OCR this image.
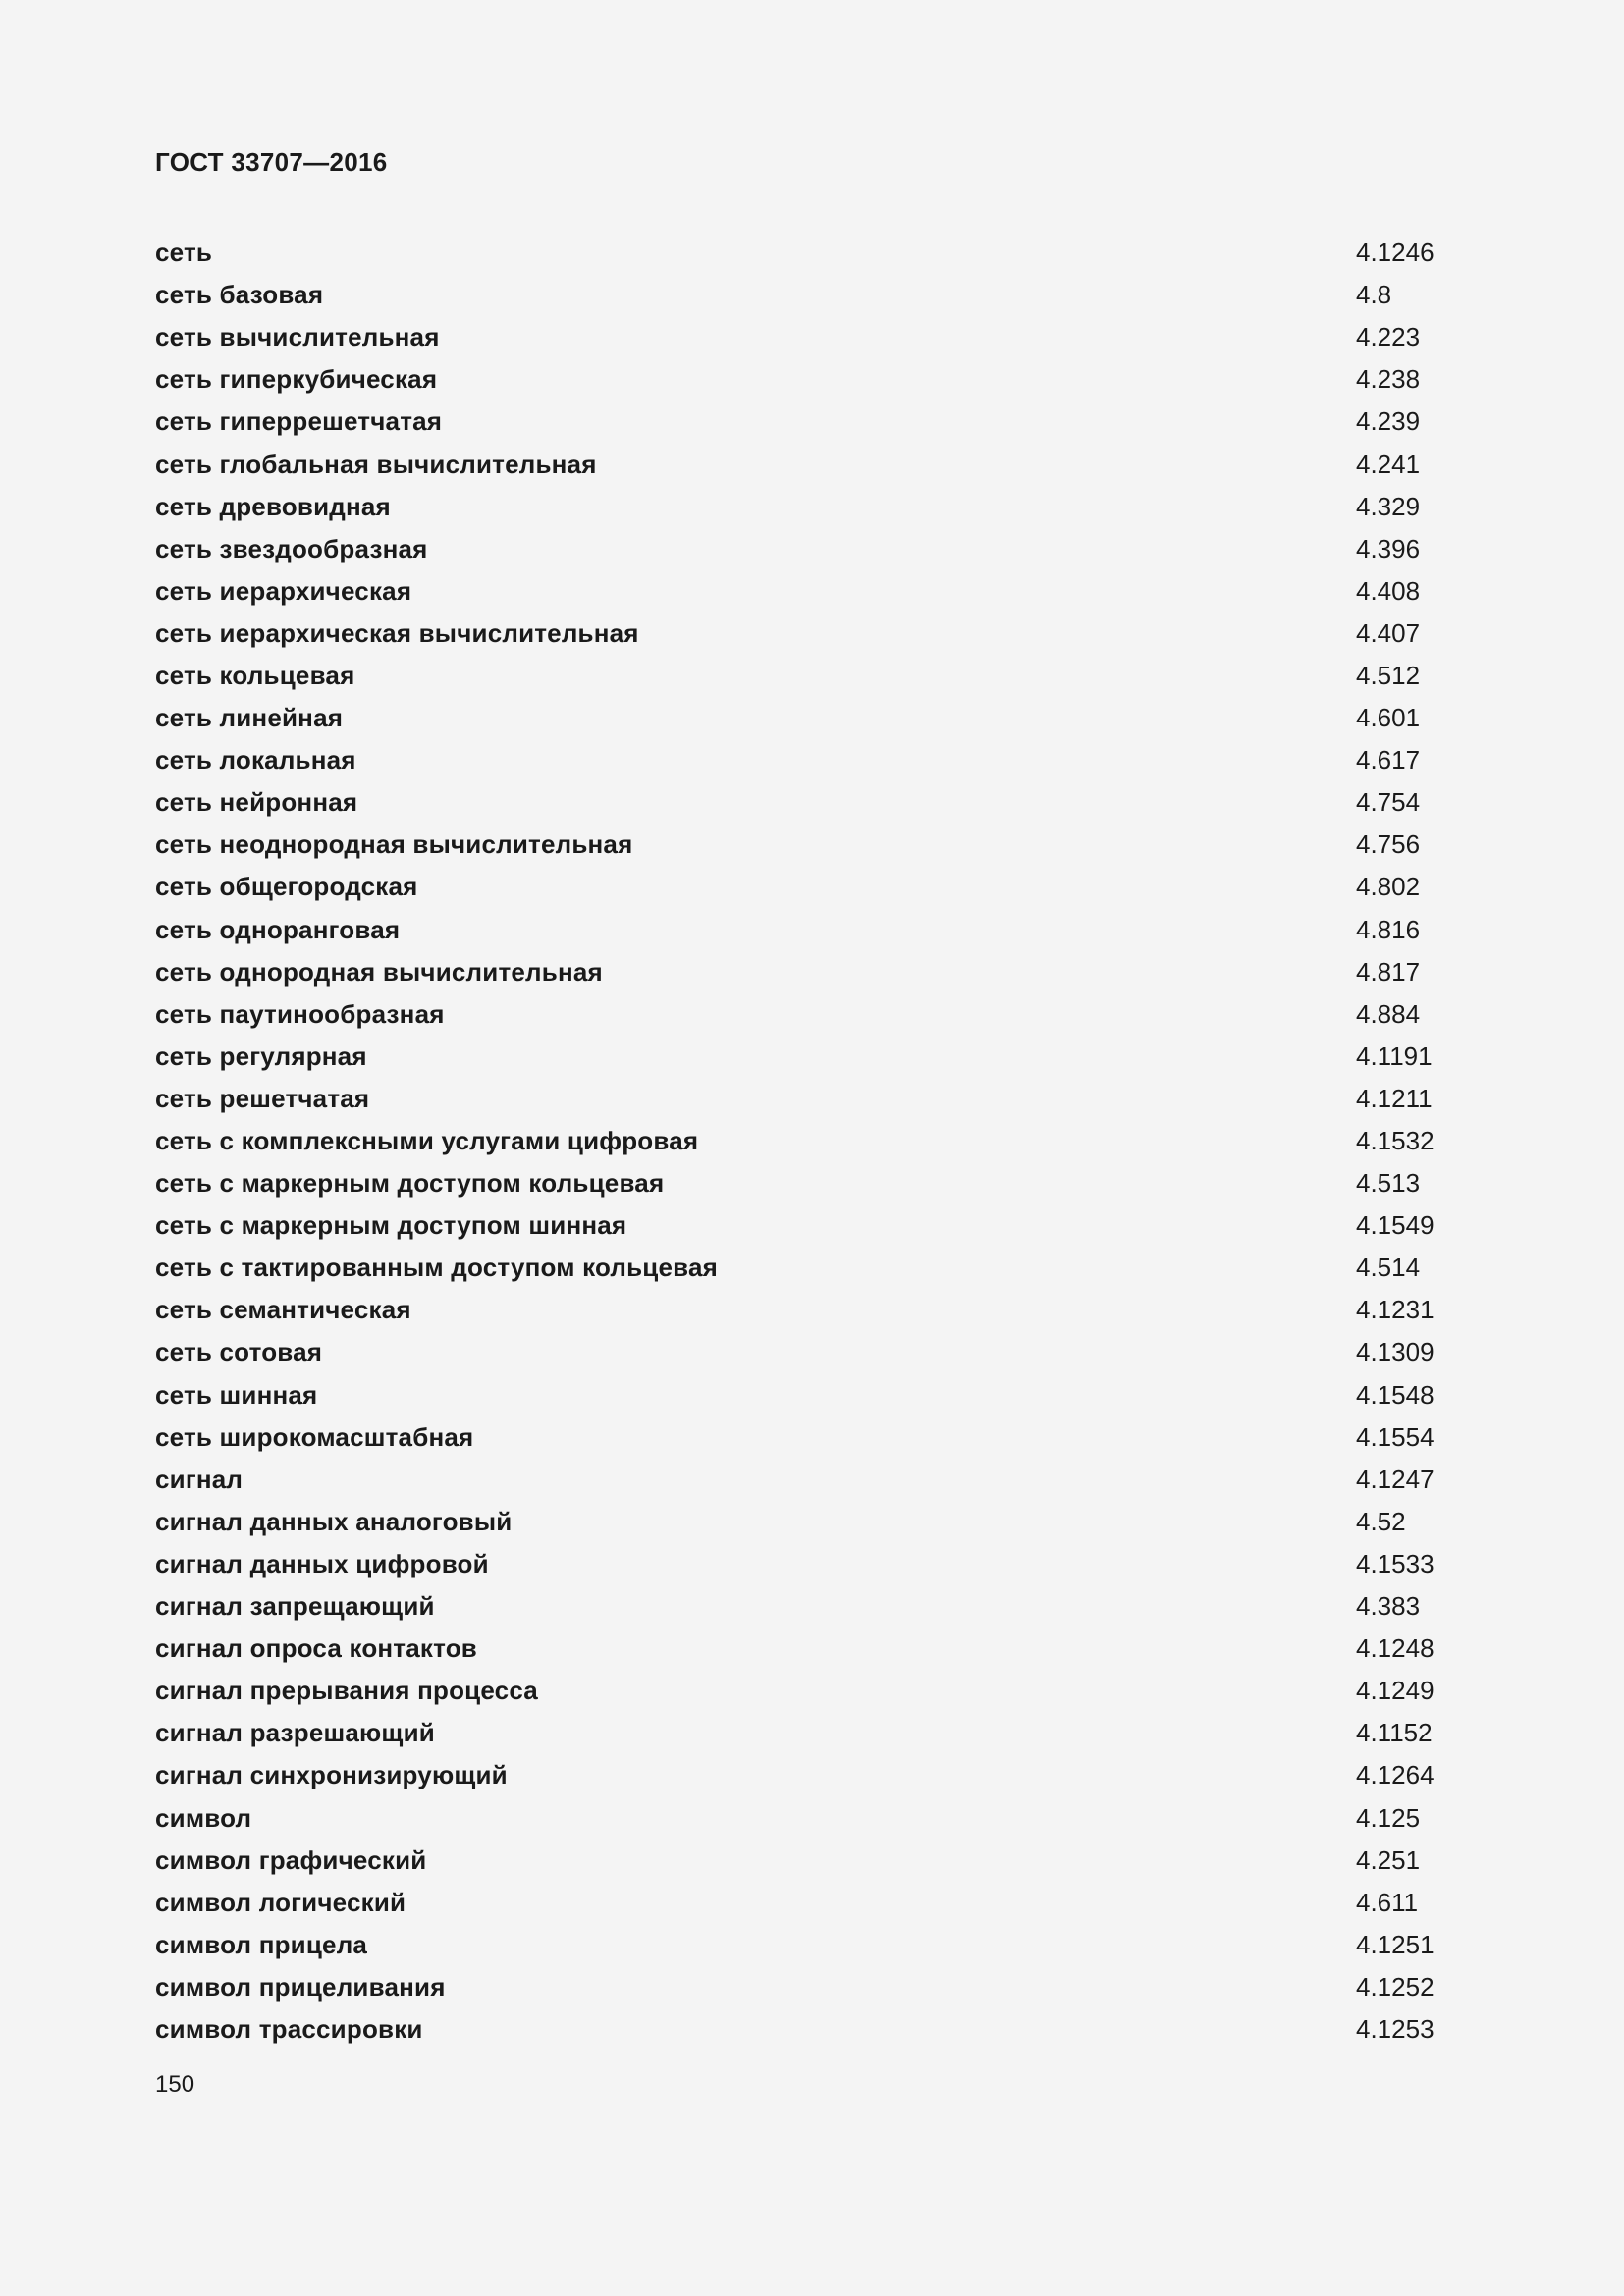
ГОСТ 33707—2016
сеть	4.1246
сеть базовая	4.8
сеть вычислительная	4.223
сеть гиперкубическая	4.238
сеть гиперрешетчатая	4.239
сеть глобальная вычислительная	4.241
сеть древовидная	4.329
сеть звездообразная	4.396
сеть иерархическая	4.408
сеть иерархическая вычислительная	4.407
сеть кольцевая	4.512
сеть линейная	4.601
сеть локальная	4.617
сеть нейронная	4.754
сеть неоднородная вычислительная	4.756
сеть общегородская	4.802
сеть одноранговая	4.816
сеть однородная вычислительная	4.817
сеть паутинообразная	4.884
сеть регулярная	4.1191
сеть решетчатая	4.1211
сеть с комплексными услугами цифровая	4.1532
сеть с маркерным доступом кольцевая	4.513
сеть с маркерным доступом шинная	4.1549
сеть с тактированным доступом кольцевая	4.514
сеть семантическая	4.1231
сеть сотовая	4.1309
сеть шинная	4.1548
сеть широкомасштабная	4.1554
сигнал	4.1247
сигнал данных аналоговый	4.52
сигнал данных цифровой	4.1533
сигнал запрещающий	4.383
сигнал опроса контактов	4.1248
сигнал прерывания процесса	4.1249
сигнал разрешающий	4.1152
сигнал синхронизирующий	4.1264
символ	4.125
символ графический	4.251
символ логический	4.611
символ прицела	4.1251
символ прицеливания	4.1252
символ трассировки	4.1253
150
